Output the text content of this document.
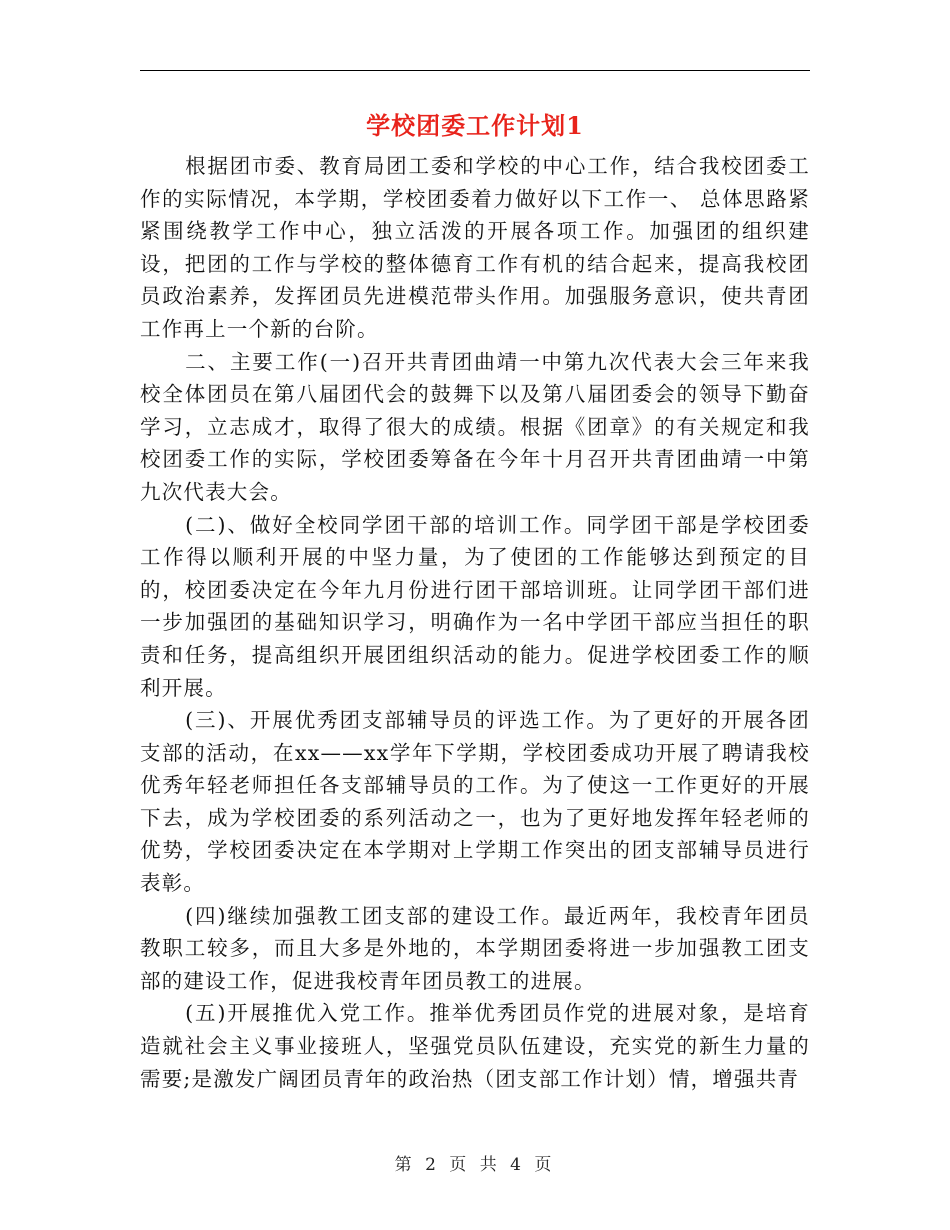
学校团委工作计划1

根据团市委、教育局团工委和学校的中心工作，结合我校团委工作的实际情况，本学期，学校团委着力做好以下工作一、 总体思路紧紧围绕教学工作中心，独立活泼的开展各项工作。加强团的组织建设，把团的工作与学校的整体德育工作有机的结合起来，提高我校团员政治素养，发挥团员先进模范带头作用。加强服务意识，使共青团工作再上一个新的台阶。

二、主要工作(一)召开共青团曲靖一中第九次代表大会三年来我校全体团员在第八届团代会的鼓舞下以及第八届团委会的领导下勤奋学习，立志成才，取得了很大的成绩。根据《团章》的有关规定和我校团委工作的实际，学校团委筹备在今年十月召开共青团曲靖一中第九次代表大会。

(二)、做好全校同学团干部的培训工作。同学团干部是学校团委工作得以顺利开展的中坚力量，为了使团的工作能够达到预定的目的，校团委决定在今年九月份进行团干部培训班。让同学团干部们进一步加强团的基础知识学习，明确作为一名中学团干部应当担任的职责和任务，提高组织开展团组织活动的能力。促进学校团委工作的顺利开展。

(三)、开展优秀团支部辅导员的评选工作。为了更好的开展各团支部的活动，在xx——xx学年下学期，学校团委成功开展了聘请我校优秀年轻老师担任各支部辅导员的工作。为了使这一工作更好的开展下去，成为学校团委的系列活动之一，也为了更好地发挥年轻老师的优势，学校团委决定在本学期对上学期工作突出的团支部辅导员进行表彰。

(四)继续加强教工团支部的建设工作。最近两年，我校青年团员教职工较多，而且大多是外地的，本学期团委将进一步加强教工团支部的建设工作，促进我校青年团员教工的进展。

(五)开展推优入党工作。推举优秀团员作党的进展对象，是培育造就社会主义事业接班人，坚强党员队伍建设，充实党的新生力量的需要;是激发广阔团员青年的政治热（团支部工作计划）情，增强共青

第 2 页 共 4 页
